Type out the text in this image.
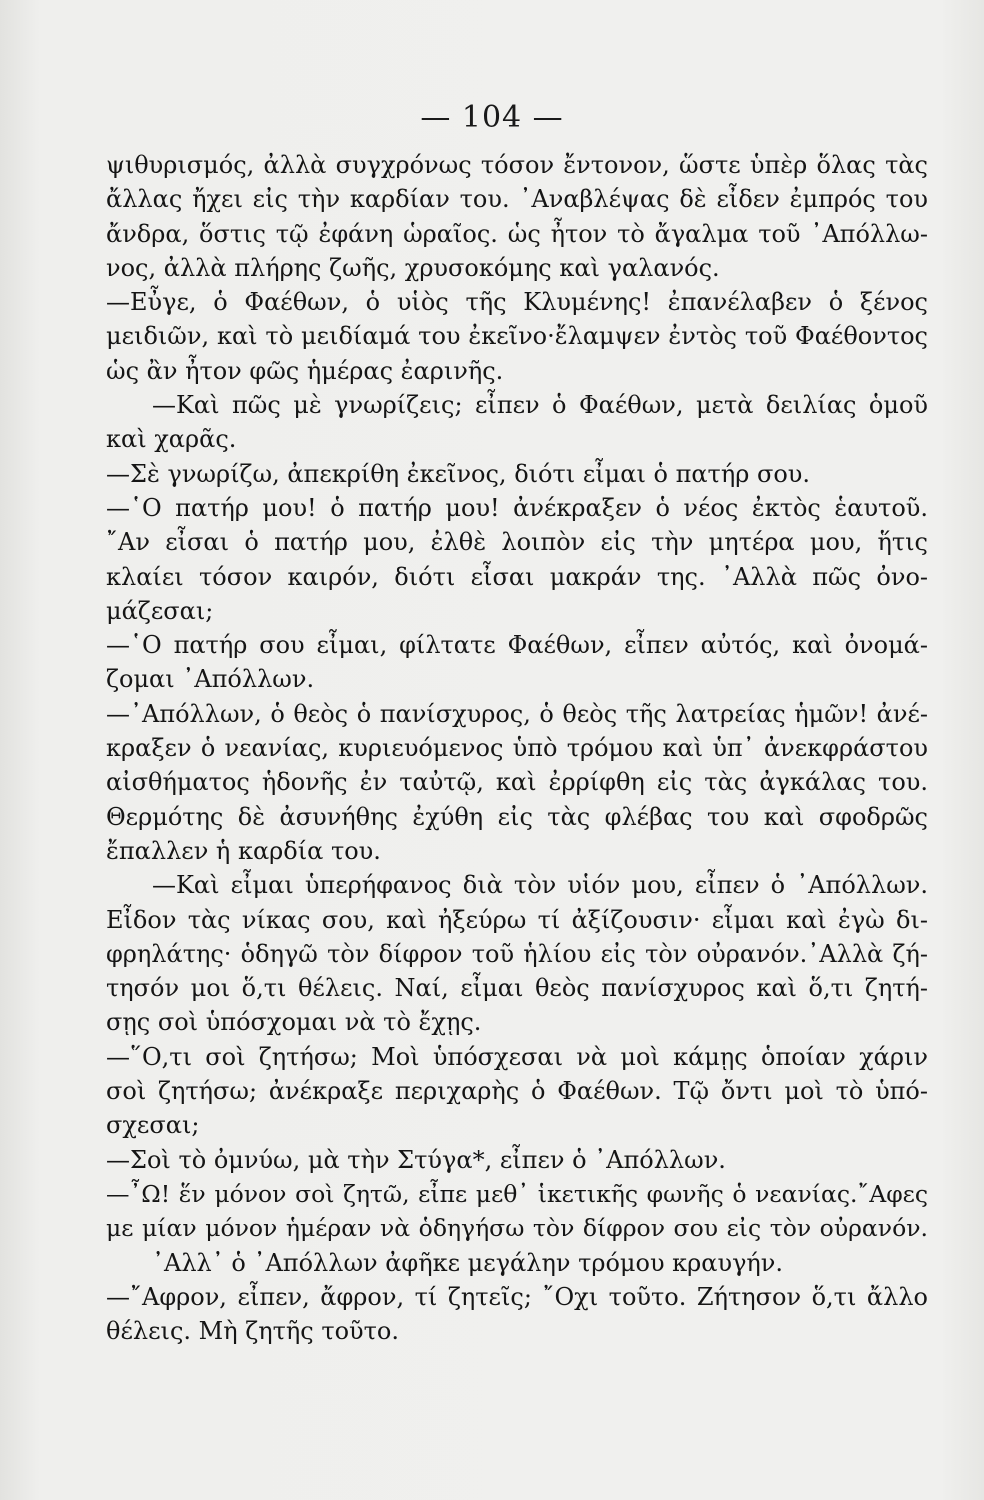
— 104 —
ψιθυρισμός, ἀλλὰ συγχρόνως τόσον ἔντονον, ὥστε ὑπὲρ ὅλας τὰς
ἄλλας ἤχει εἰς τὴν καρδίαν του. ᾿Αναβλέψας δὲ εἶδεν ἐμπρός του
ἄνδρα, ὅστις τῷ ἐφάνη ὡραῖος. ὡς ἦτον τὸ ἄγαλμα τοῦ ᾿Απόλλω-
νος, ἀλλὰ πλήρης ζωῆς, χρυσοκόμης καὶ γαλανός.
—Εὖγε, ὁ Φαέθων, ὁ υἱὸς τῆς Κλυμένης! ἐπανέλαβεν ὁ ξένος
μειδιῶν, καὶ τὸ μειδίαμά του ἐκεῖνο·ἔλαμψεν ἐντὸς τοῦ Φαέθοντος
ὡς ἂν ἦτον φῶς ἡμέρας ἐαρινῆς.
—Καὶ πῶς μὲ γνωρίζεις; εἶπεν ὁ Φαέθων, μετὰ δειλίας ὁμοῦ
καὶ χαρᾶς.
—Σὲ γνωρίζω, ἀπεκρίθη ἐκεῖνος, διότι εἶμαι ὁ πατήρ σου.
—῾Ο πατήρ μου! ὁ πατήρ μου! ἀνέκραξεν ὁ νέος ἐκτὸς ἑαυτοῦ.
῎Αν εἶσαι ὁ πατήρ μου, ἐλθὲ λοιπὸν εἰς τὴν μητέρα μου, ἥτις
κλαίει τόσον καιρόν, διότι εἶσαι μακράν της. ᾿Αλλὰ πῶς ὀνο-
μάζεσαι;
—῾Ο πατήρ σου εἶμαι, φίλτατε Φαέθων, εἶπεν αὐτός, καὶ ὀνομά-
ζομαι ᾿Απόλλων.
—᾿Απόλλων, ὁ θεὸς ὁ πανίσχυρος, ὁ θεὸς τῆς λατρείας ἡμῶν! ἀνέ-
κραξεν ὁ νεανίας, κυριευόμενος ὑπὸ τρόμου καὶ ὑπ᾿ ἀνεκφράστου
αἰσθήματος ἡδονῆς ἐν ταὐτῷ, καὶ ἐρρίφθη εἰς τὰς ἀγκάλας του.
Θερμότης δὲ ἀσυνήθης ἐχύθη εἰς τὰς φλέβας του καὶ σφοδρῶς
ἔπαλλεν ἡ καρδία του.
—Καὶ εἶμαι ὑπερήφανος διὰ τὸν υἱόν μου, εἶπεν ὁ ᾿Απόλλων.
Εἶδον τὰς νίκας σου, καὶ ἠξεύρω τί ἀξίζουσιν· εἶμαι καὶ ἐγὼ δι-
φρηλάτης· ὁδηγῶ τὸν δίφρον τοῦ ἡλίου εἰς τὸν οὐρανόν.᾿Αλλὰ ζή-
τησόν μοι ὅ,τι θέλεις. Ναί, εἶμαι θεὸς πανίσχυρος καὶ ὅ,τι ζητή-
σῃς σοὶ ὑπόσχομαι νὰ τὸ ἔχῃς.
—῞Ο,τι σοὶ ζητήσω; Μοὶ ὑπόσχεσαι νὰ μοὶ κάμῃς ὁποίαν χάριν
σοὶ ζητήσω; ἀνέκραξε περιχαρὴς ὁ Φαέθων. Τῷ ὄντι μοὶ τὸ ὑπό-
σχεσαι;
—Σοὶ τὸ ὀμνύω, μὰ τὴν Στύγα*, εἶπεν ὁ ᾿Απόλλων.
—῏Ω! ἕν μόνον σοὶ ζητῶ, εἶπε μεθ᾿ ἱκετικῆς φωνῆς ὁ νεανίας.῎Αφες
με μίαν μόνον ἡμέραν νὰ ὁδηγήσω τὸν δίφρον σου εἰς τὸν οὐρανόν.
᾿Αλλ᾿ ὁ ᾿Απόλλων ἀφῆκε μεγάλην τρόμου κραυγήν.
—῎Αφρον, εἶπεν, ἄφρον, τί ζητεῖς; ῎Οχι τοῦτο. Ζήτησον ὅ,τι ἄλλο
θέλεις. Μὴ ζητῆς τοῦτο.
